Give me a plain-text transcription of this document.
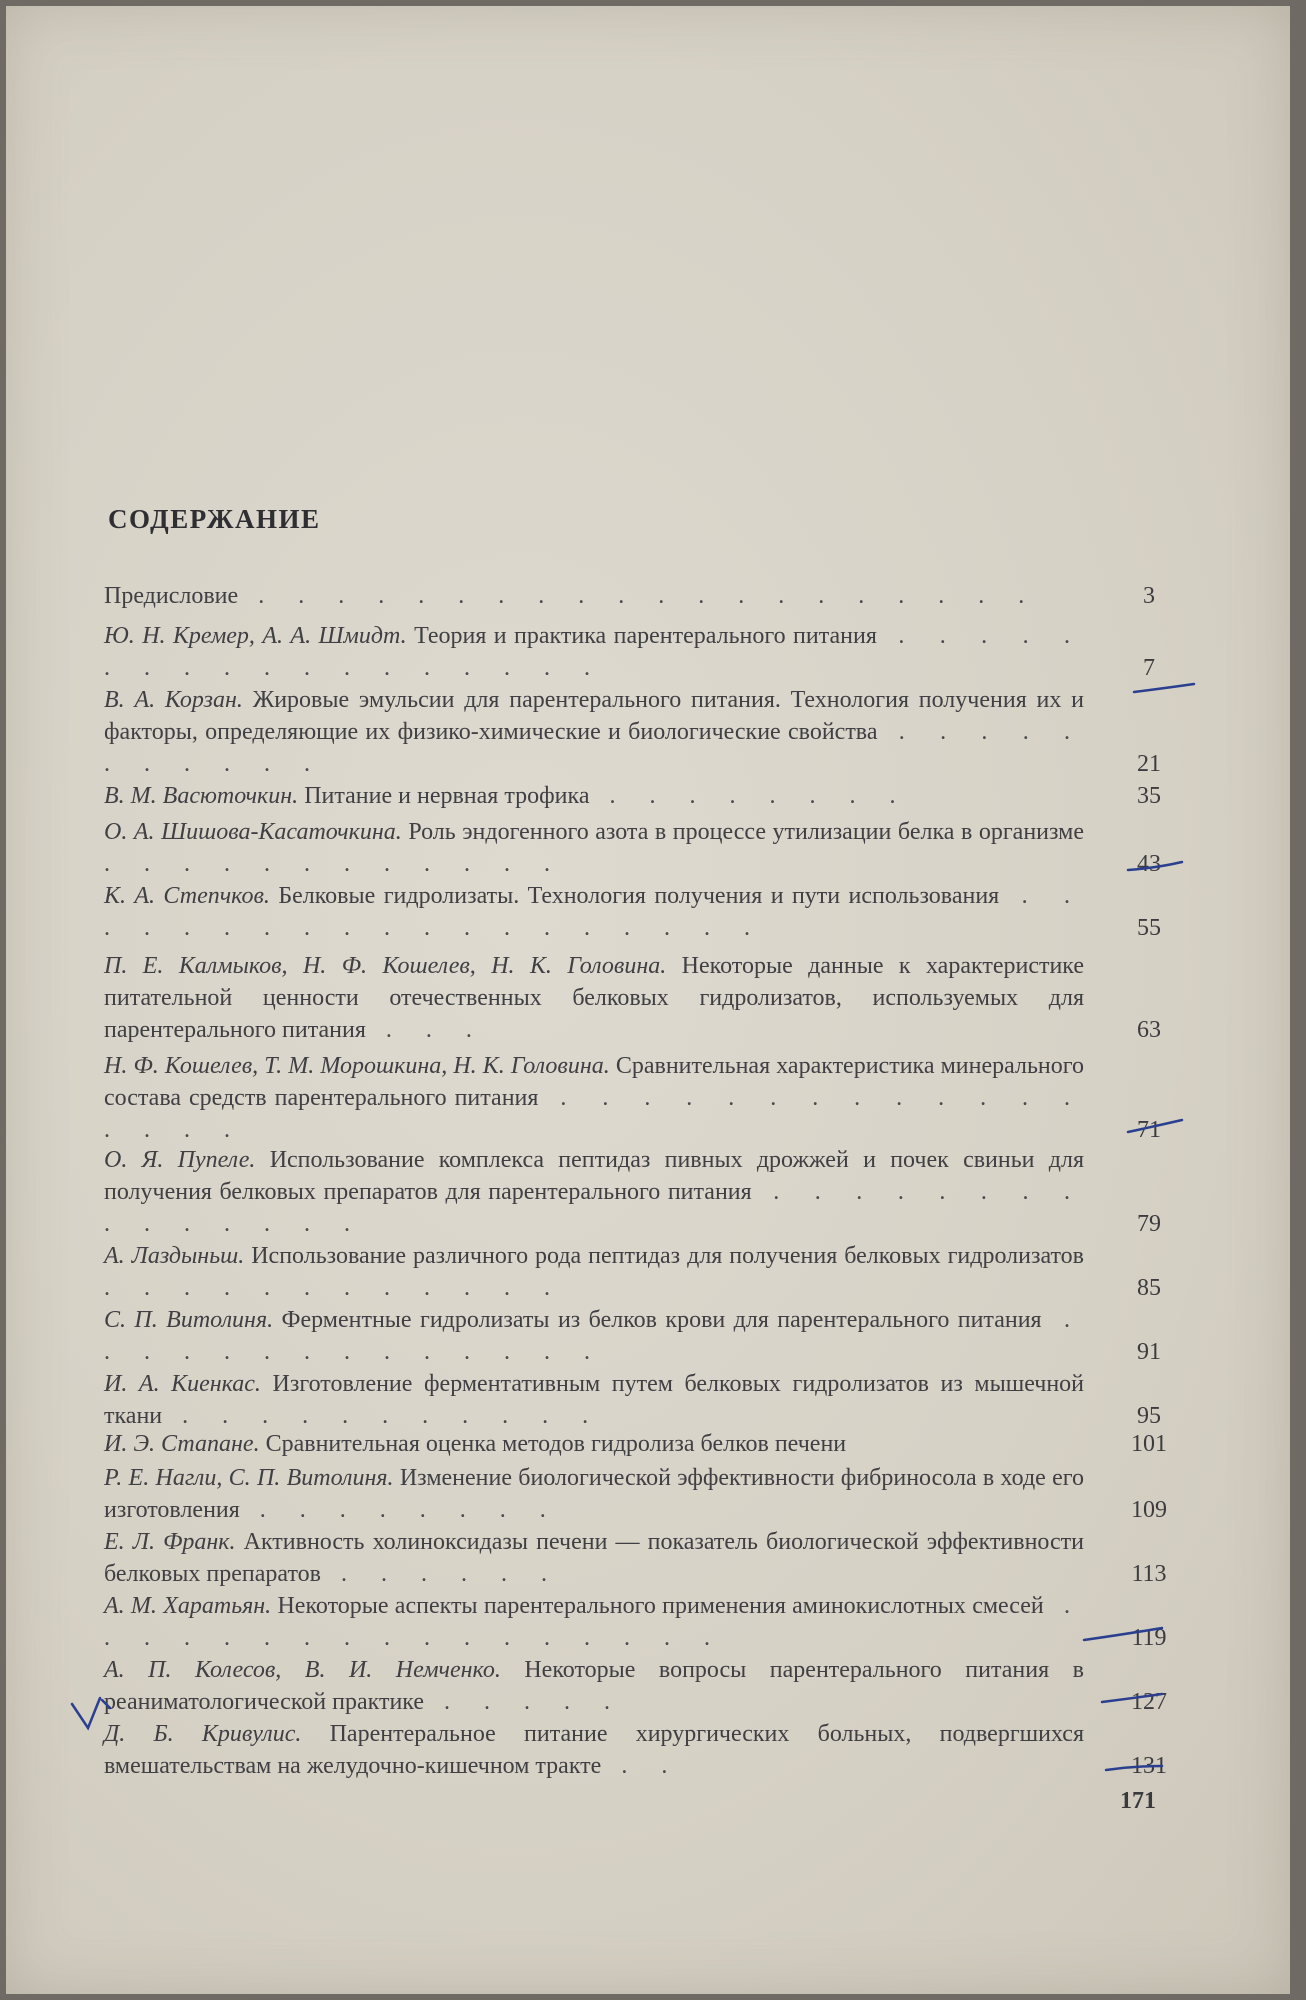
СОДЕРЖАНИЕ
Предисловие . . . . . . . . . . . . . . . . . . . .	3
Ю. Н. Кремер, А. А. Шмидт. Теория и практика парентерального питания . . . . . . . . . . . . . . . . . .	7
В. А. Корзан. Жировые эмульсии для парентерального питания. Технология получения их и факторы, определяющие их физико-химические и биологические свойства . . . . . . . . . . .	21
В. М. Васюточкин. Питание и нервная трофика . . . . . . . .	35
О. А. Шишова-Касаточкина. Роль эндогенного азота в процессе утилизации белка в организме . . . . . . . . . . . .	43
К. А. Степчков. Белковые гидролизаты. Технология получения и пути использования . . . . . . . . . . . . . . . . . . .	55
П. Е. Калмыков, Н. Ф. Кошелев, Н. К. Головина. Некоторые данные к характеристике питательной ценности отечественных белковых гидролизатов, используемых для парентерального питания . . .	63
Н. Ф. Кошелев, Т. М. Морошкина, Н. К. Головина. Сравнительная характеристика минерального состава средств парентерального питания . . . . . . . . . . . . . . . . .	71
О. Я. Пупеле. Использование комплекса пептидаз пивных дрожжей и почек свиньи для получения белковых препаратов для парентерального питания . . . . . . . . . . . . . . .	79
А. Лаздыньш. Использование различного рода пептидаз для получения белковых гидролизатов . . . . . . . . . . . .	85
С. П. Витолиня. Ферментные гидролизаты из белков крови для парентерального питания . . . . . . . . . . . . . .	91
И. А. Киенкас. Изготовление ферментативным путем белковых гидролизатов из мышечной ткани . . . . . . . . . . .	95
И. Э. Стапане. Сравнительная оценка методов гидролиза белков печени	101
Р. Е. Нагли, С. П. Витолиня. Изменение биологической эффективности фибриносола в ходе его изготовления . . . . . . . .	109
Е. Л. Франк. Активность холиноксидазы печени — показатель биологической эффективности белковых препаратов . . . . . .	113
А. М. Харатьян. Некоторые аспекты парентерального применения аминокислотных смесей . . . . . . . . . . . . . . . . .	119
А. П. Колесов, В. И. Немченко. Некоторые вопросы парентерального питания в реаниматологической практике . . . . .	127
Д. Б. Кривулис. Парентеральное питание хирургических больных, подвергшихся вмешательствам на желудочно-кишечном тракте . .	131
171
